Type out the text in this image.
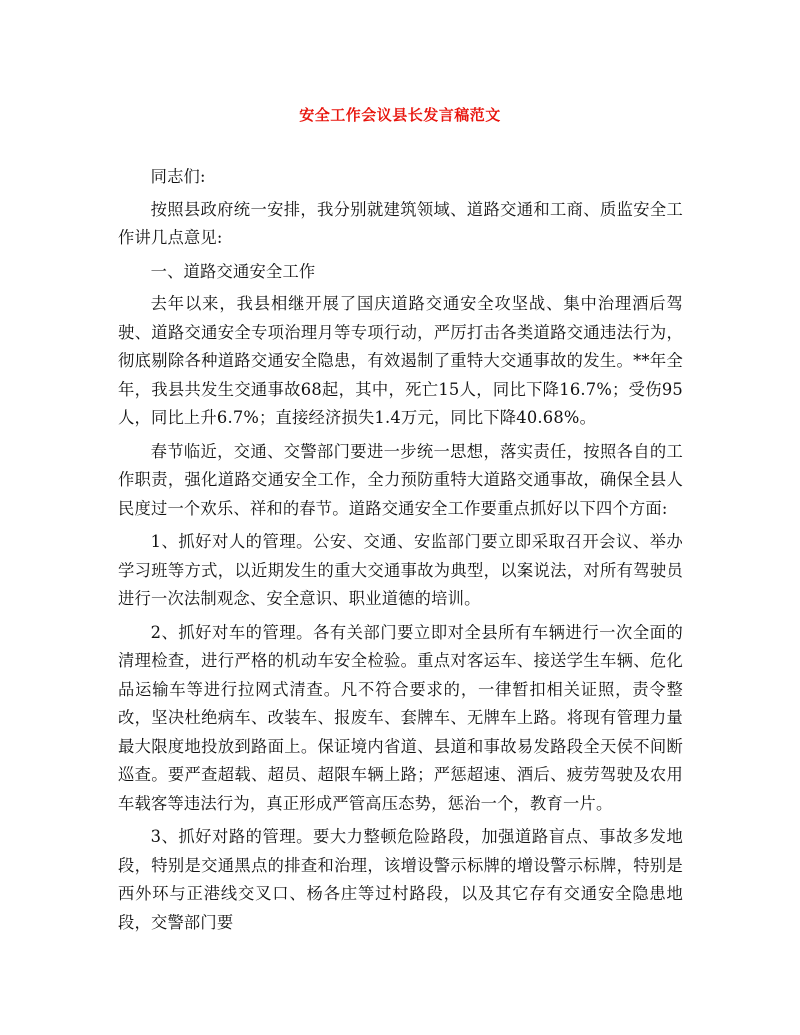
安全工作会议县长发言稿范文

同志们:

按照县政府统一安排，我分别就建筑领域、道路交通和工商、质监安全工作讲几点意见:

一、道路交通安全工作

去年以来，我县相继开展了国庆道路交通安全攻坚战、集中治理酒后驾驶、道路交通安全专项治理月等专项行动，严厉打击各类道路交通违法行为，彻底剔除各种道路交通安全隐患，有效遏制了重特大交通事故的发生。**年全年，我县共发生交通事故68起，其中，死亡15人，同比下降16.7%；受伤95人，同比上升6.7%；直接经济损失1.4万元，同比下降40.68%。

春节临近，交通、交警部门要进一步统一思想，落实责任，按照各自的工作职责，强化道路交通安全工作，全力预防重特大道路交通事故，确保全县人民度过一个欢乐、祥和的春节。道路交通安全工作要重点抓好以下四个方面:

1、抓好对人的管理。公安、交通、安监部门要立即采取召开会议、举办学习班等方式，以近期发生的重大交通事故为典型，以案说法，对所有驾驶员进行一次法制观念、安全意识、职业道德的培训。

2、抓好对车的管理。各有关部门要立即对全县所有车辆进行一次全面的清理检查，进行严格的机动车安全检验。重点对客运车、接送学生车辆、危化品运输车等进行拉网式清查。凡不符合要求的，一律暂扣相关证照，责令整改，坚决杜绝病车、改装车、报废车、套牌车、无牌车上路。将现有管理力量最大限度地投放到路面上。保证境内省道、县道和事故易发路段全天侯不间断巡查。要严查超载、超员、超限车辆上路；严惩超速、酒后、疲劳驾驶及农用车载客等违法行为，真正形成严管高压态势，惩治一个，教育一片。

3、抓好对路的管理。要大力整顿危险路段，加强道路盲点、事故多发地段，特别是交通黑点的排查和治理，该增设警示标牌的增设警示标牌，特别是西外环与正港线交叉口、杨各庄等过村路段，以及其它存有交通安全隐患地段，交警部门要
